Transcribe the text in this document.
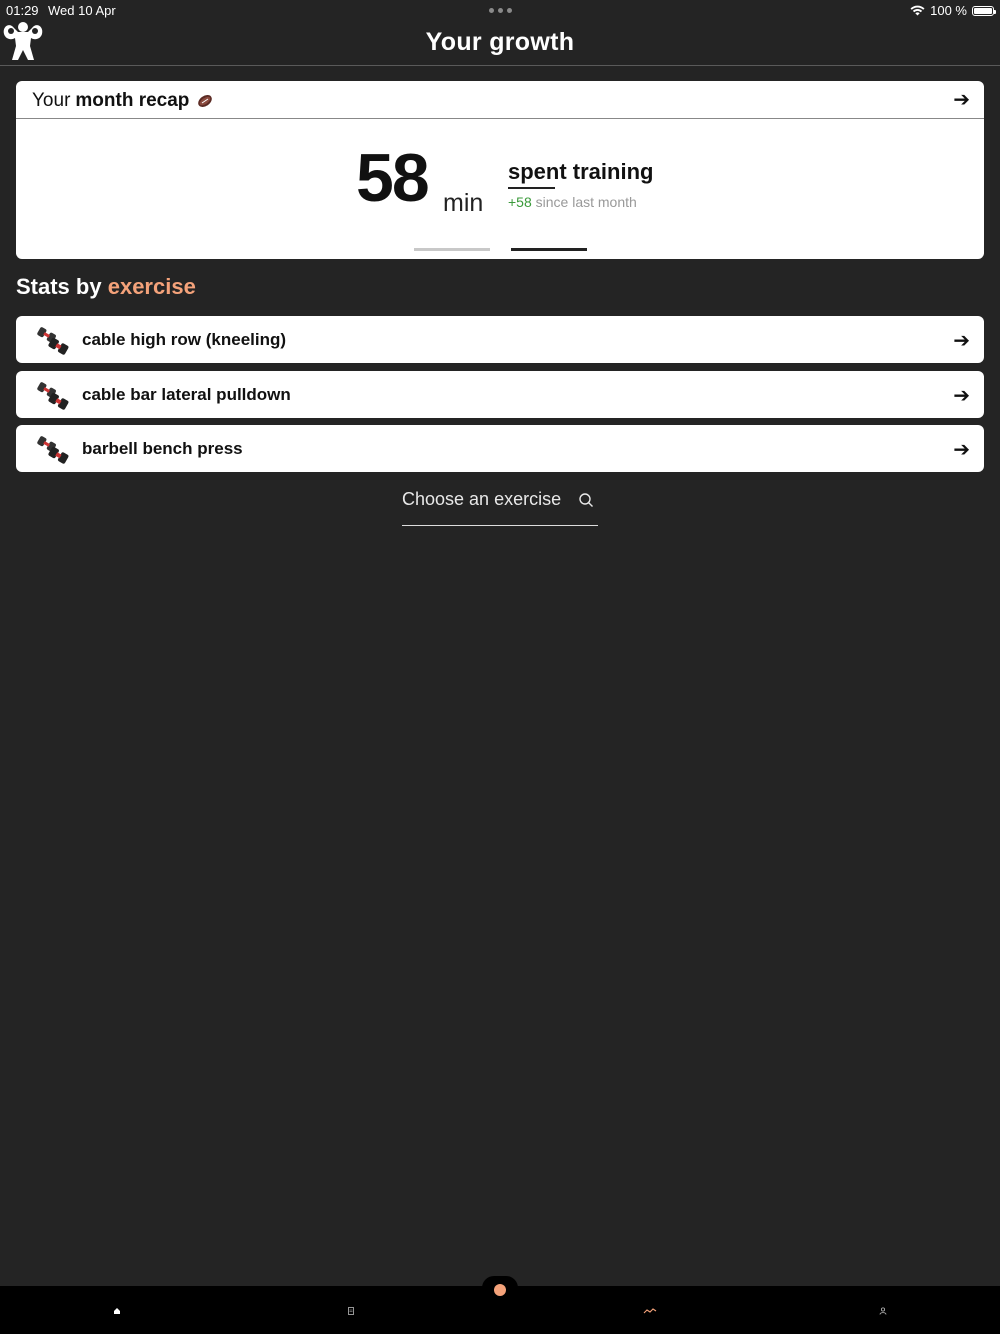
01:29 Wed 10 Apr	100 %
Your growth
Your month recap	➔
58 min
spent training
+58 since last month
Stats by exercise
cable high row (kneeling)	➔
cable bar lateral pulldown	➔
barbell bench press	➔
Choose an exercise
